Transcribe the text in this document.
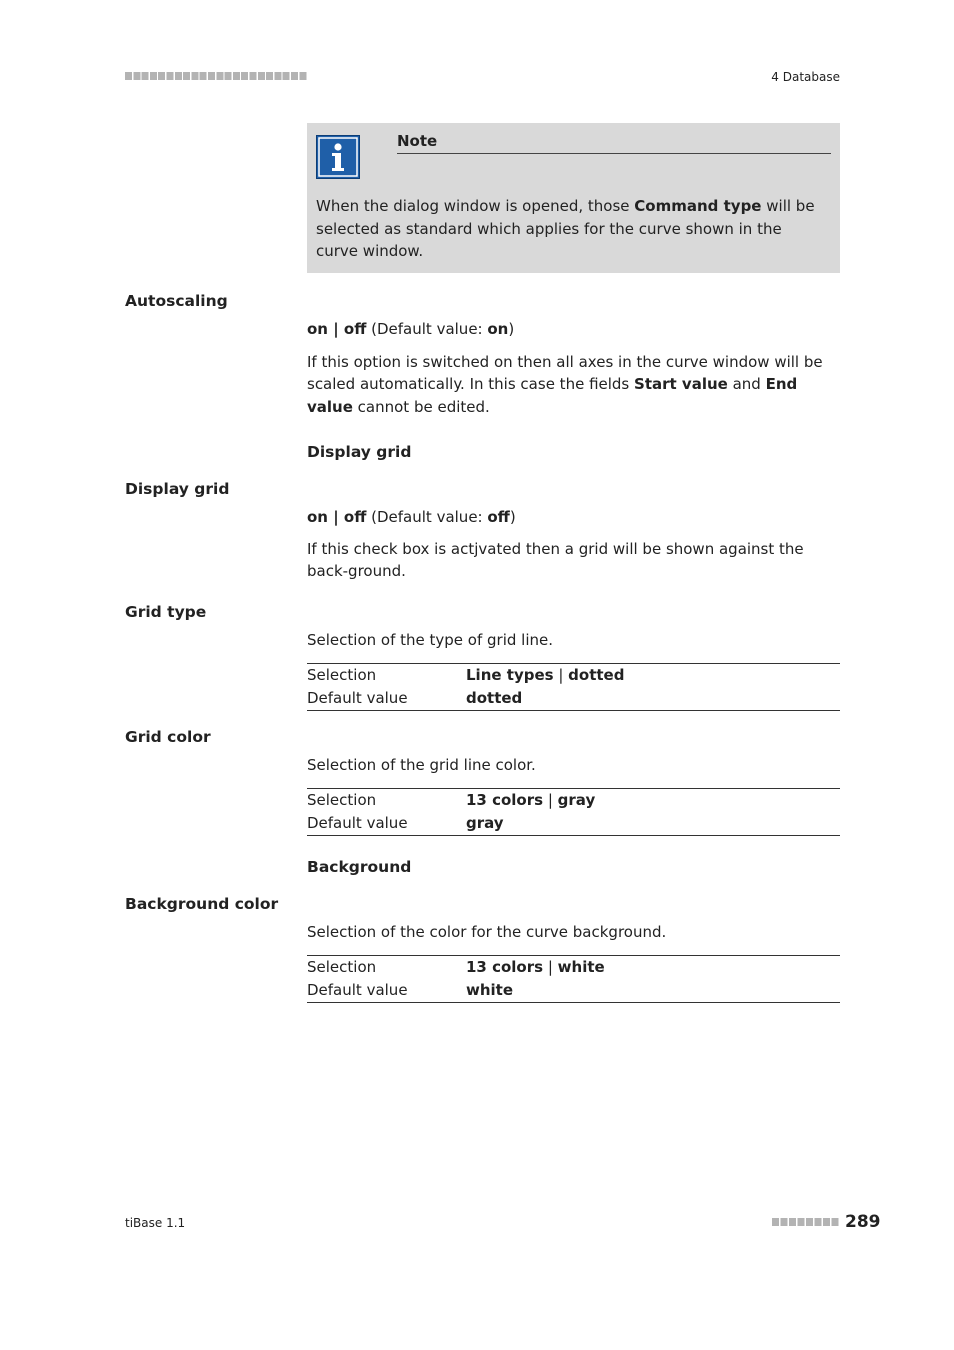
4 Database
Note
When the dialog window is opened, those Command type will be selected as standard which applies for the curve shown in the curve window.
Autoscaling
on | off (Default value: on)
If this option is switched on then all axes in the curve window will be scaled automatically. In this case the fields Start value and End value cannot be edited.
Display grid
Display grid
on | off (Default value: off)
If this check box is actjvated then a grid will be shown against the back-ground.
Grid type
Selection of the type of grid line.
Selection	Line types | dotted
Default value	dotted
Grid color
Selection of the grid line color.
Selection	13 colors | gray
Default value	gray
Background
Background color
Selection of the color for the curve background.
Selection	13 colors | white
Default value	white
tiBase 1.1	289
